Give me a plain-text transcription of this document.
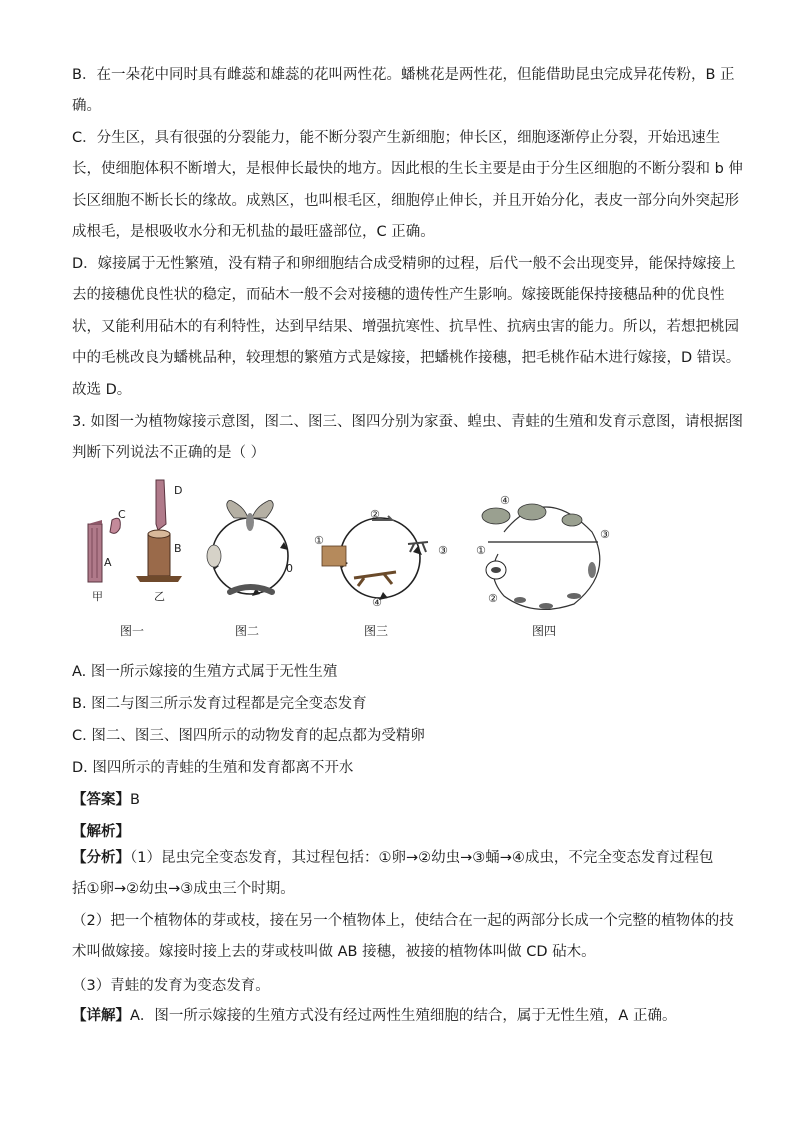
B．在一朵花中同时具有雌蕊和雄蕊的花叫两性花。蟠桃花是两性花，但能借助昆虫完成异花传粉，B 正
确。
C．分生区，具有很强的分裂能力，能不断分裂产生新细胞；伸长区，细胞逐渐停止分裂，开始迅速生
长，使细胞体积不断增大，是根伸长最快的地方。因此根的生长主要是由于分生区细胞的不断分裂和 b 伸
长区细胞不断长长的缘故。成熟区，也叫根毛区，细胞停止伸长，并且开始分化，表皮一部分向外突起形
成根毛，是根吸收水分和无机盐的最旺盛部位，C 正确。
D．嫁接属于无性繁殖，没有精子和卵细胞结合成受精卵的过程，后代一般不会出现变异，能保持嫁接上
去的接穗优良性状的稳定，而砧木一般不会对接穗的遗传性产生影响。嫁接既能保持接穗品种的优良性
状，又能利用砧木的有利特性，达到早结果、增强抗寒性、抗旱性、抗病虫害的能力。所以，若想把桃园
中的毛桃改良为蟠桃品种，较理想的繁殖方式是嫁接，把蟠桃作接穗，把毛桃作砧木进行嫁接，D 错误。
故选 D。
3. 如图一为植物嫁接示意图，图二、图三、图四分别为家蚕、蝗虫、青蛙的生殖和发育示意图，请根据图
判断下列说法不正确的是（ ）
C
A
D
B
甲	乙
图一
0
图二
①
②
③
④
图三
④
③
①
②
图四
A. 图一所示嫁接的生殖方式属于无性生殖
B. 图二与图三所示发育过程都是完全变态发育
C. 图二、图三、图四所示的动物发育的起点都为受精卵
D. 图四所示的青蛙的生殖和发育都离不开水
【答案】B
【解析】
【分析】（1）昆虫完全变态发育，其过程包括：①卵→②幼虫→③蛹→④成虫，不完全变态发育过程包
括①卵→②幼虫→③成虫三个时期。
（2）把一个植物体的芽或枝，接在另一个植物体上，使结合在一起的两部分长成一个完整的植物体的技
术叫做嫁接。嫁接时接上去的芽或枝叫做 AB 接穗，被接的植物体叫做 CD 砧木。
（3）青蛙的发育为变态发育。
【详解】A．图一所示嫁接的生殖方式没有经过两性生殖细胞的结合，属于无性生殖，A 正确。
